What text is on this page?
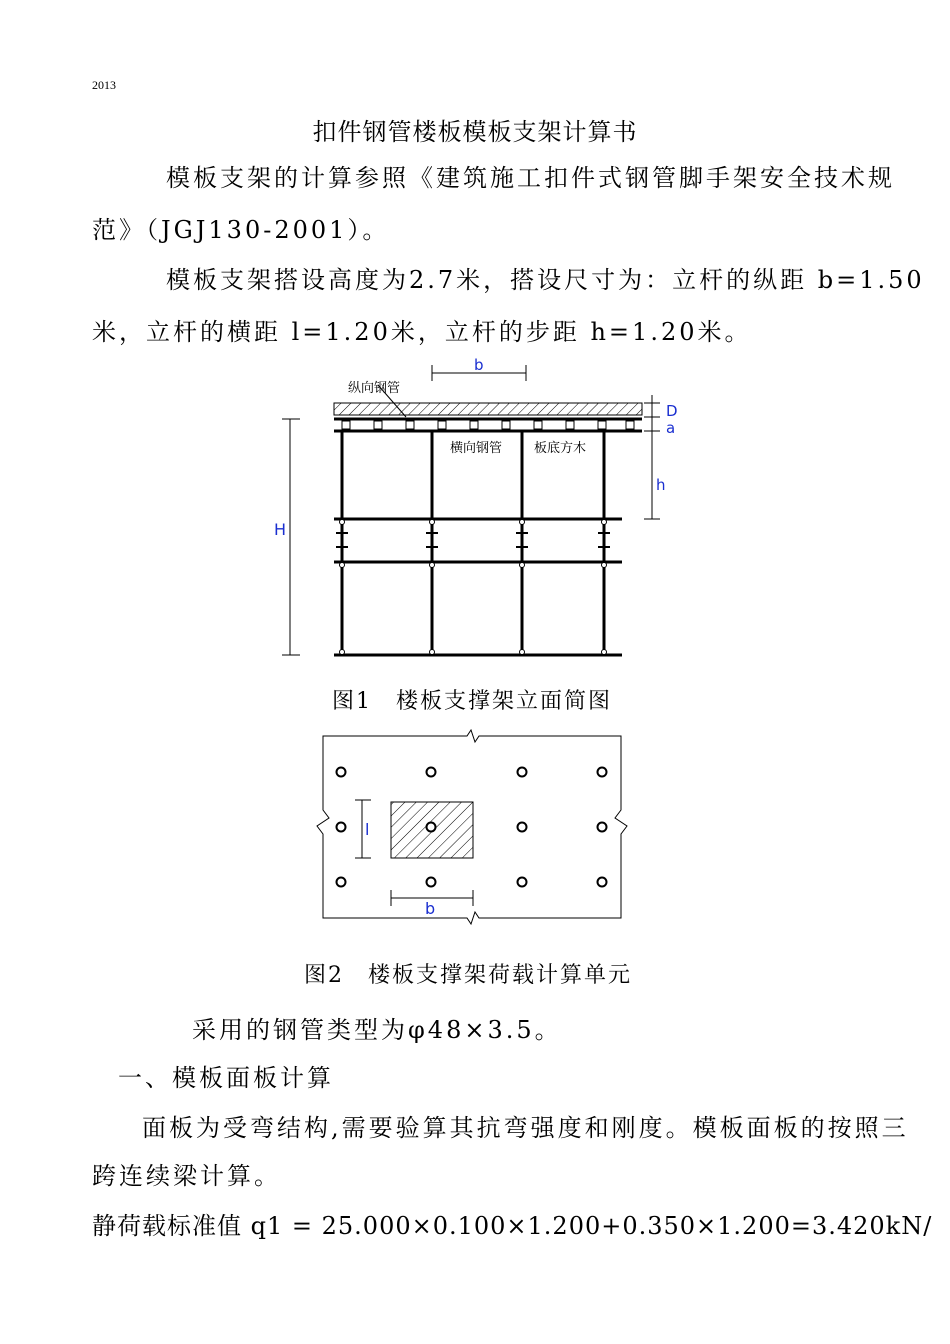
2013
扣件钢管楼板模板支架计算书
模板支架的计算参照《建筑施工扣件式钢管脚手架安全技术规
范》（JGJ130-2001）。
模板支架搭设高度为2.7米，搭设尺寸为：立杆的纵距 b=1.50
米，立杆的横距 l=1.20米，立杆的步距 h=1.20米。
b
纵向钢管
横向钢管 板底方木
D
a
h
H
图1　楼板支撑架立面简图
l
b
图2　楼板支撑架荷载计算单元
采用的钢管类型为φ48×3.5。
一、模板面板计算
面板为受弯结构,需要验算其抗弯强度和刚度。模板面板的按照三
跨连续梁计算。
静荷载标准值 q1 = 25.000×0.100×1.200+0.350×1.200=3.420kN/
